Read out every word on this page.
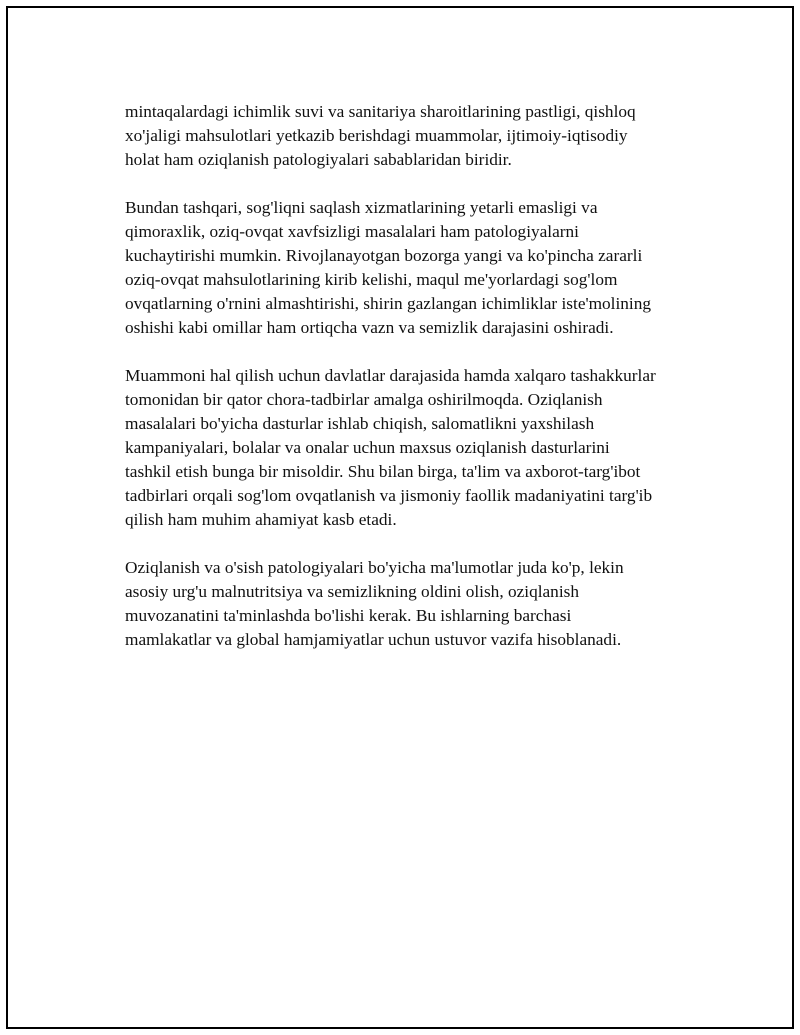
mintaqalardagi ichimlik suvi va sanitariya sharoitlarining pastligi, qishloq
xo'jaligi mahsulotlari yetkazib berishdagi muammolar, ijtimoiy-iqtisodiy
holat ham oziqlanish patologiyalari sabablaridan biridir.

Bundan tashqari, sog'liqni saqlash xizmatlarining yetarli emasligi va
qimoraxlik, oziq-ovqat xavfsizligi masalalari ham patologiyalarni
kuchaytirishi mumkin. Rivojlanayotgan bozorga yangi va ko'pincha zararli
oziq-ovqat mahsulotlarining kirib kelishi, maqul me'yorlardagi sog'lom
ovqatlarning o'rnini almashtirishi, shirin gazlangan ichimliklar iste'molining
oshishi kabi omillar ham ortiqcha vazn va semizlik darajasini oshiradi.

Muammoni hal qilish uchun davlatlar darajasida hamda xalqaro tashakkurlar
tomonidan bir qator chora-tadbirlar amalga oshirilmoqda. Oziqlanish
masalalari bo'yicha dasturlar ishlab chiqish, salomatlikni yaxshilash
kampaniyalari, bolalar va onalar uchun maxsus oziqlanish dasturlarini
tashkil etish bunga bir misoldir. Shu bilan birga, ta'lim va axborot-targ'ibot
tadbirlari orqali sog'lom ovqatlanish va jismoniy faollik madaniyatini targ'ib
qilish ham muhim ahamiyat kasb etadi.

Oziqlanish va o'sish patologiyalari bo'yicha ma'lumotlar juda ko'p, lekin
asosiy urg'u malnutritsiya va semizlikning oldini olish, oziqlanish
muvozanatini ta'minlashda bo'lishi kerak. Bu ishlarning barchasi
mamlakatlar va global hamjamiyatlar uchun ustuvor vazifa hisoblanadi.
